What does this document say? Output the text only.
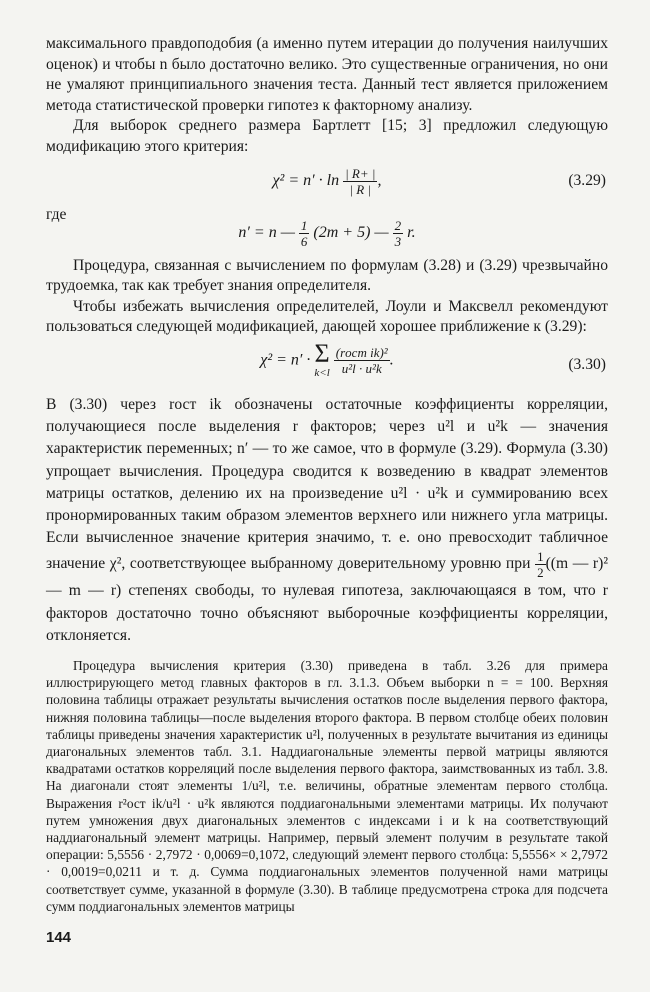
максимального правдоподобия (а именно путем итерации до получения наилучших оценок) и чтобы n было достаточно велико. Это существенные ограничения, но они не умаляют принципиального значения теста. Данный тест является приложением метода статистической проверки гипотез к факторному анализу.

Для выборок среднего размера Бартлетт [15; 3] предложил следующую модификацию этого критерия:

$\chi^2 = n' \cdot \ln \frac{| R+ |}{| R |}$ ,	(3.29)

где

n′ = n — $\frac{1}{6} (2m + 5)$ — $\frac{2}{3} r$.

Процедура, связанная с вычислением по формулам (3.28) и (3.29) чрезвычайно трудоемка, так как требует знания определителя.

Чтобы избежать вычисления определителей, Лоули и Максвелл рекомендуют пользоваться следующей модификацией, дающей хорошее приближение к (3.29):

χ² = n′ · Σ
k<l
$\frac{\text{(rост ik)²}}{\text{u²l · u²k}}$ .	(3.30)

В (3.30) через rост ik обозначены остаточные коэффициенты корреляции, получающиеся после выделения r факторов; через u²l и u²k — значения характеристик переменных; n′ — то же самое, что в формуле (3.29). Формула (3.30) упрощает вычисления. Процедура сводится к возведению в квадрат элементов матрицы остатков, делению их на произведение u²l · u²k и суммированию всех пронормированных таким образом элементов верхнего или нижнего угла матрицы. Если вычисленное значение критерия значимо, т. е. оно превосходит табличное значение χ², соответствующее выбранному доверительному уровню при $\frac{1}{2} ((m$ — r)² — m — r) степенях свободы, то нулевая гипотеза, заключающаяся в том, что r факторов достаточно точно объясняют выборочные коэффициенты корреляции, отклоняется.

Процедура вычисления критерия (3.30) приведена в табл. 3.26 для примера иллюстрирующего метод главных факторов в гл. 3.1.3. Объем выборки n = = 100. Верхняя половина таблицы отражает результаты вычисления остатков после выделения первого фактора, нижняя половина таблицы—после выделения второго фактора. В первом столбце обеих половин таблицы приведены значения характеристик u²l, полученных в результате вычитания из единицы диагональных элементов табл. 3.1. Наддиагональные элементы первой матрицы являются квадратами остатков корреляций после выделения первого фактора, заимствованных из табл. 3.8. На диагонали стоят элементы 1/u²l, т.е. величины, обратные элементам первого столбца. Выражения r²ост ik/u²l · u²k являются поддиагональными элементами матрицы. Их получают путем умножения двух диагональных элементов с индексами i и k на соответствующий наддиагональный элемент матрицы. Например, первый элемент получим в результате такой операции: 5,5556 · 2,7972 · 0,0069=0,1072, следующий элемент первого столбца: 5,5556× × 2,7972 · 0,0019=0,0211 и т. д. Сумма поддиагональных элементов полученной нами матрицы соответствует сумме, указанной в формуле (3.30). В таблице предусмотрена строка для подсчета сумм поддиагональных элементов матрицы

144
